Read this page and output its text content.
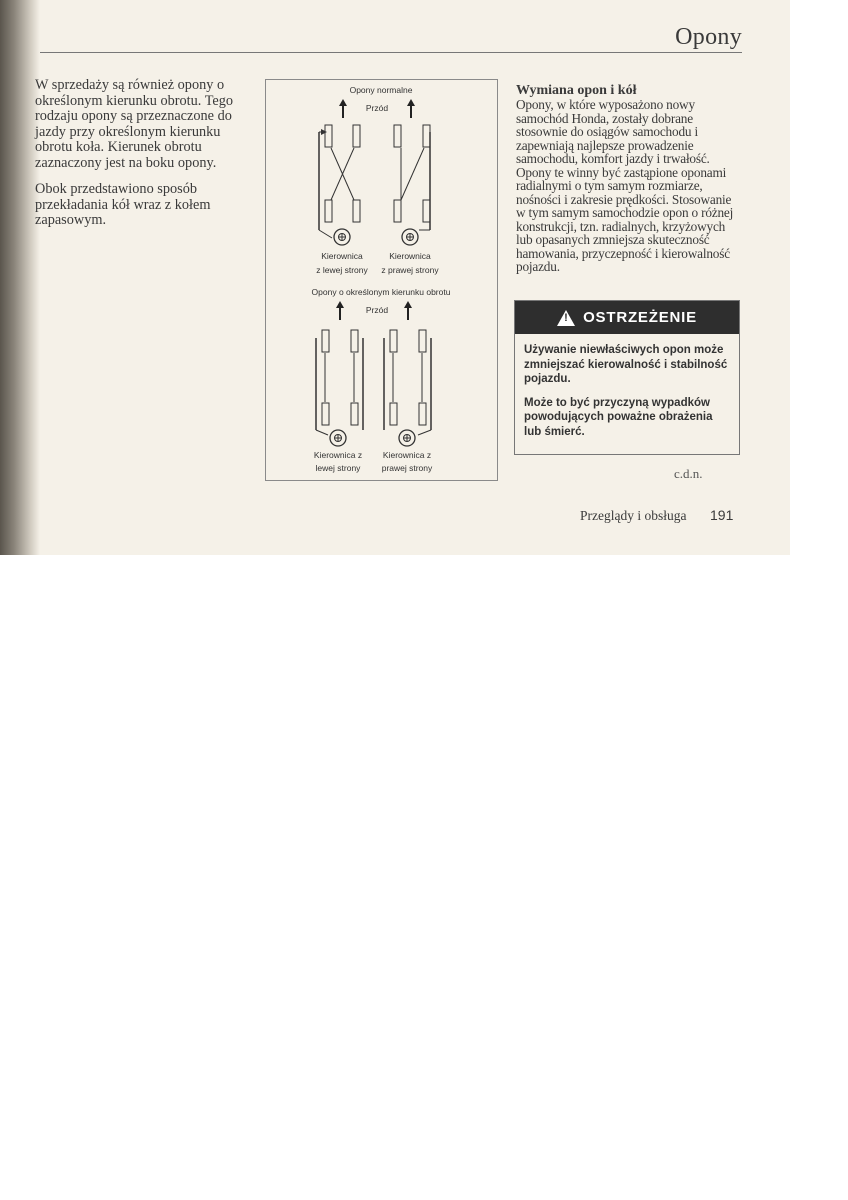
Opony

W sprzedaży są również opony o określonym kierunku obrotu. Tego rodzaju opony są przeznaczone do jazdy przy określonym kierunku obrotu koła. Kierunek obrotu zaznaczony jest na boku opony.

Obok przedstawiono sposób przekładania kół wraz z kołem zapasowym.

Opony normalne
Przód
Kierownica
z lewej strony
Kierownica
z prawej strony
Opony o określonym kierunku obrotu
Przód
Kierownica z
lewej strony
Kierownica z
prawej strony
Wymiana opon i kół

Opony, w które wyposażono nowy samochód Honda, zostały dobrane stosownie do osiągów samochodu i zapewniają najlepsze prowadzenie samochodu, komfort jazdy i trwałość. Opony te winny być zastąpione oponami radialnymi o tym samym rozmiarze, nośności i zakresie prędkości. Stosowanie w tym samym samochodzie opon o różnej konstrukcji, tzn. radialnych, krzyżowych lub opasanych zmniejsza skuteczność hamowania, przyczepność i kierowalność pojazdu.

!
OSTRZEŻENIE

Używanie niewłaściwych opon może zmniejszać kierowalność i stabilność pojazdu.

Może to być przyczyną wypadków powodujących poważne obrażenia lub śmierć.

c.d.n.
Przeglądy i obsługa 191
